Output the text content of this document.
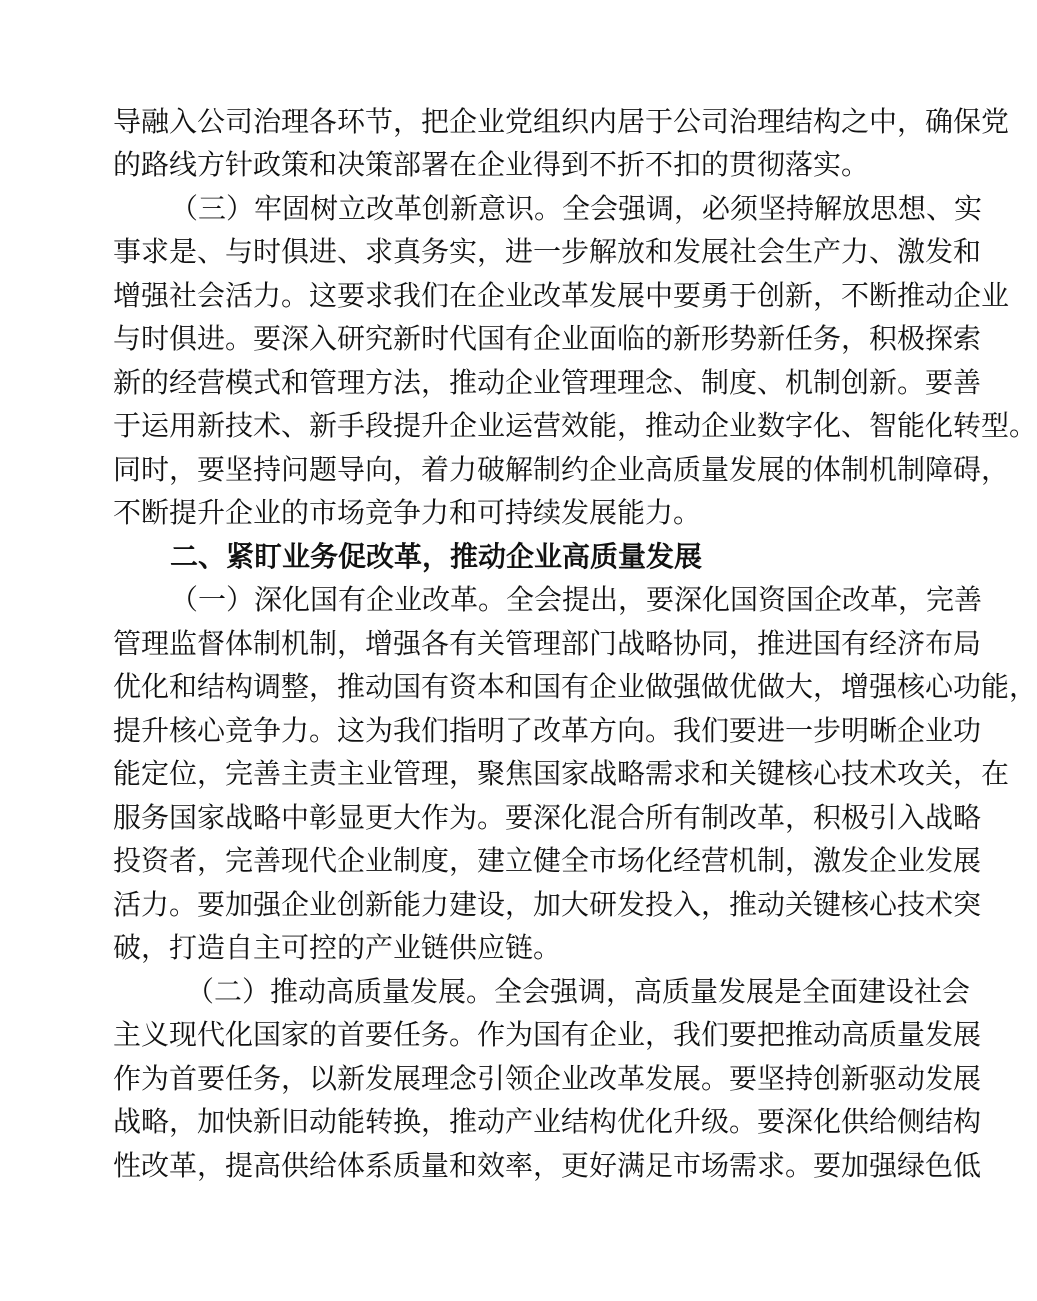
导融入公司治理各环节，把企业党组织内居于公司治理结构之中，确保党
的路线方针政策和决策部署在企业得到不折不扣的贯彻落实。
（三）牢固树立改革创新意识。全会强调，必须坚持解放思想、实
事求是、与时俱进、求真务实，进一步解放和发展社会生产力、激发和
增强社会活力。这要求我们在企业改革发展中要勇于创新，不断推动企业
与时俱进。要深入研究新时代国有企业面临的新形势新任务，积极探索
新的经营模式和管理方法，推动企业管理理念、制度、机制创新。要善
于运用新技术、新手段提升企业运营效能，推动企业数字化、智能化转型。
同时，要坚持问题导向，着力破解制约企业高质量发展的体制机制障碍，
不断提升企业的市场竞争力和可持续发展能力。
二、紧盯业务促改革，推动企业高质量发展
（一）深化国有企业改革。全会提出，要深化国资国企改革，完善
管理监督体制机制，增强各有关管理部门战略协同，推进国有经济布局
优化和结构调整，推动国有资本和国有企业做强做优做大，增强核心功能，
提升核心竞争力。这为我们指明了改革方向。我们要进一步明晰企业功
能定位，完善主责主业管理，聚焦国家战略需求和关键核心技术攻关，在
服务国家战略中彰显更大作为。要深化混合所有制改革，积极引入战略
投资者，完善现代企业制度，建立健全市场化经营机制，激发企业发展
活力。要加强企业创新能力建设，加大研发投入，推动关键核心技术突
破，打造自主可控的产业链供应链。
（二）推动高质量发展。全会强调，高质量发展是全面建设社会
主义现代化国家的首要任务。作为国有企业，我们要把推动高质量发展
作为首要任务，以新发展理念引领企业改革发展。要坚持创新驱动发展
战略，加快新旧动能转换，推动产业结构优化升级。要深化供给侧结构
性改革，提高供给体系质量和效率，更好满足市场需求。要加强绿色低
